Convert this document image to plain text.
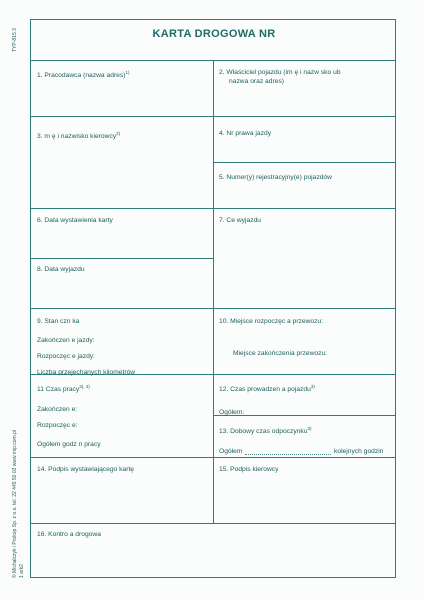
TYP-815 3
© Michalczyk i Prokop Sp. z o.o. tel. 22 445 50 03 www.mip.com.pl 1 ark2
KARTA DROGOWA NR
1. Pracodawca (nazwa adres)$^{1)}$	2. Właściciel pojazdu (im ę i nazw sko ub
nazwa oraz adres)
3. m ę i nazwisko kierowcy$^{2)}$	4. Nr prawa jazdy
5. Numer(y) rejestracyjny(e) pojazdów
6. Data wystawienia karty	7. Ce wyjazdu
8. Data wyjazdu
9. Stan czn ka
Zakończen e jazdy:
Rozpoczęc e jazdy:
Liczba przejechanych kilometrów
10. Miejsce rozpoczęc a przewozu:
Miejsce zakończenia przewozu:
11 Czas pracy$^{3), 4)}$
Zakończen e:
Rozpoczęc e:
Ogółem godz n pracy
12. Czas prowadzen a pojazdu$^{3)}$
Ogółem:
13. Dobowy czas odpoczynku$^{3)}$
Ogółem	kolejnych godzin
14. Podpis wystawiającego kartę	15. Podpis kierowcy
16. Kontro a drogowa
